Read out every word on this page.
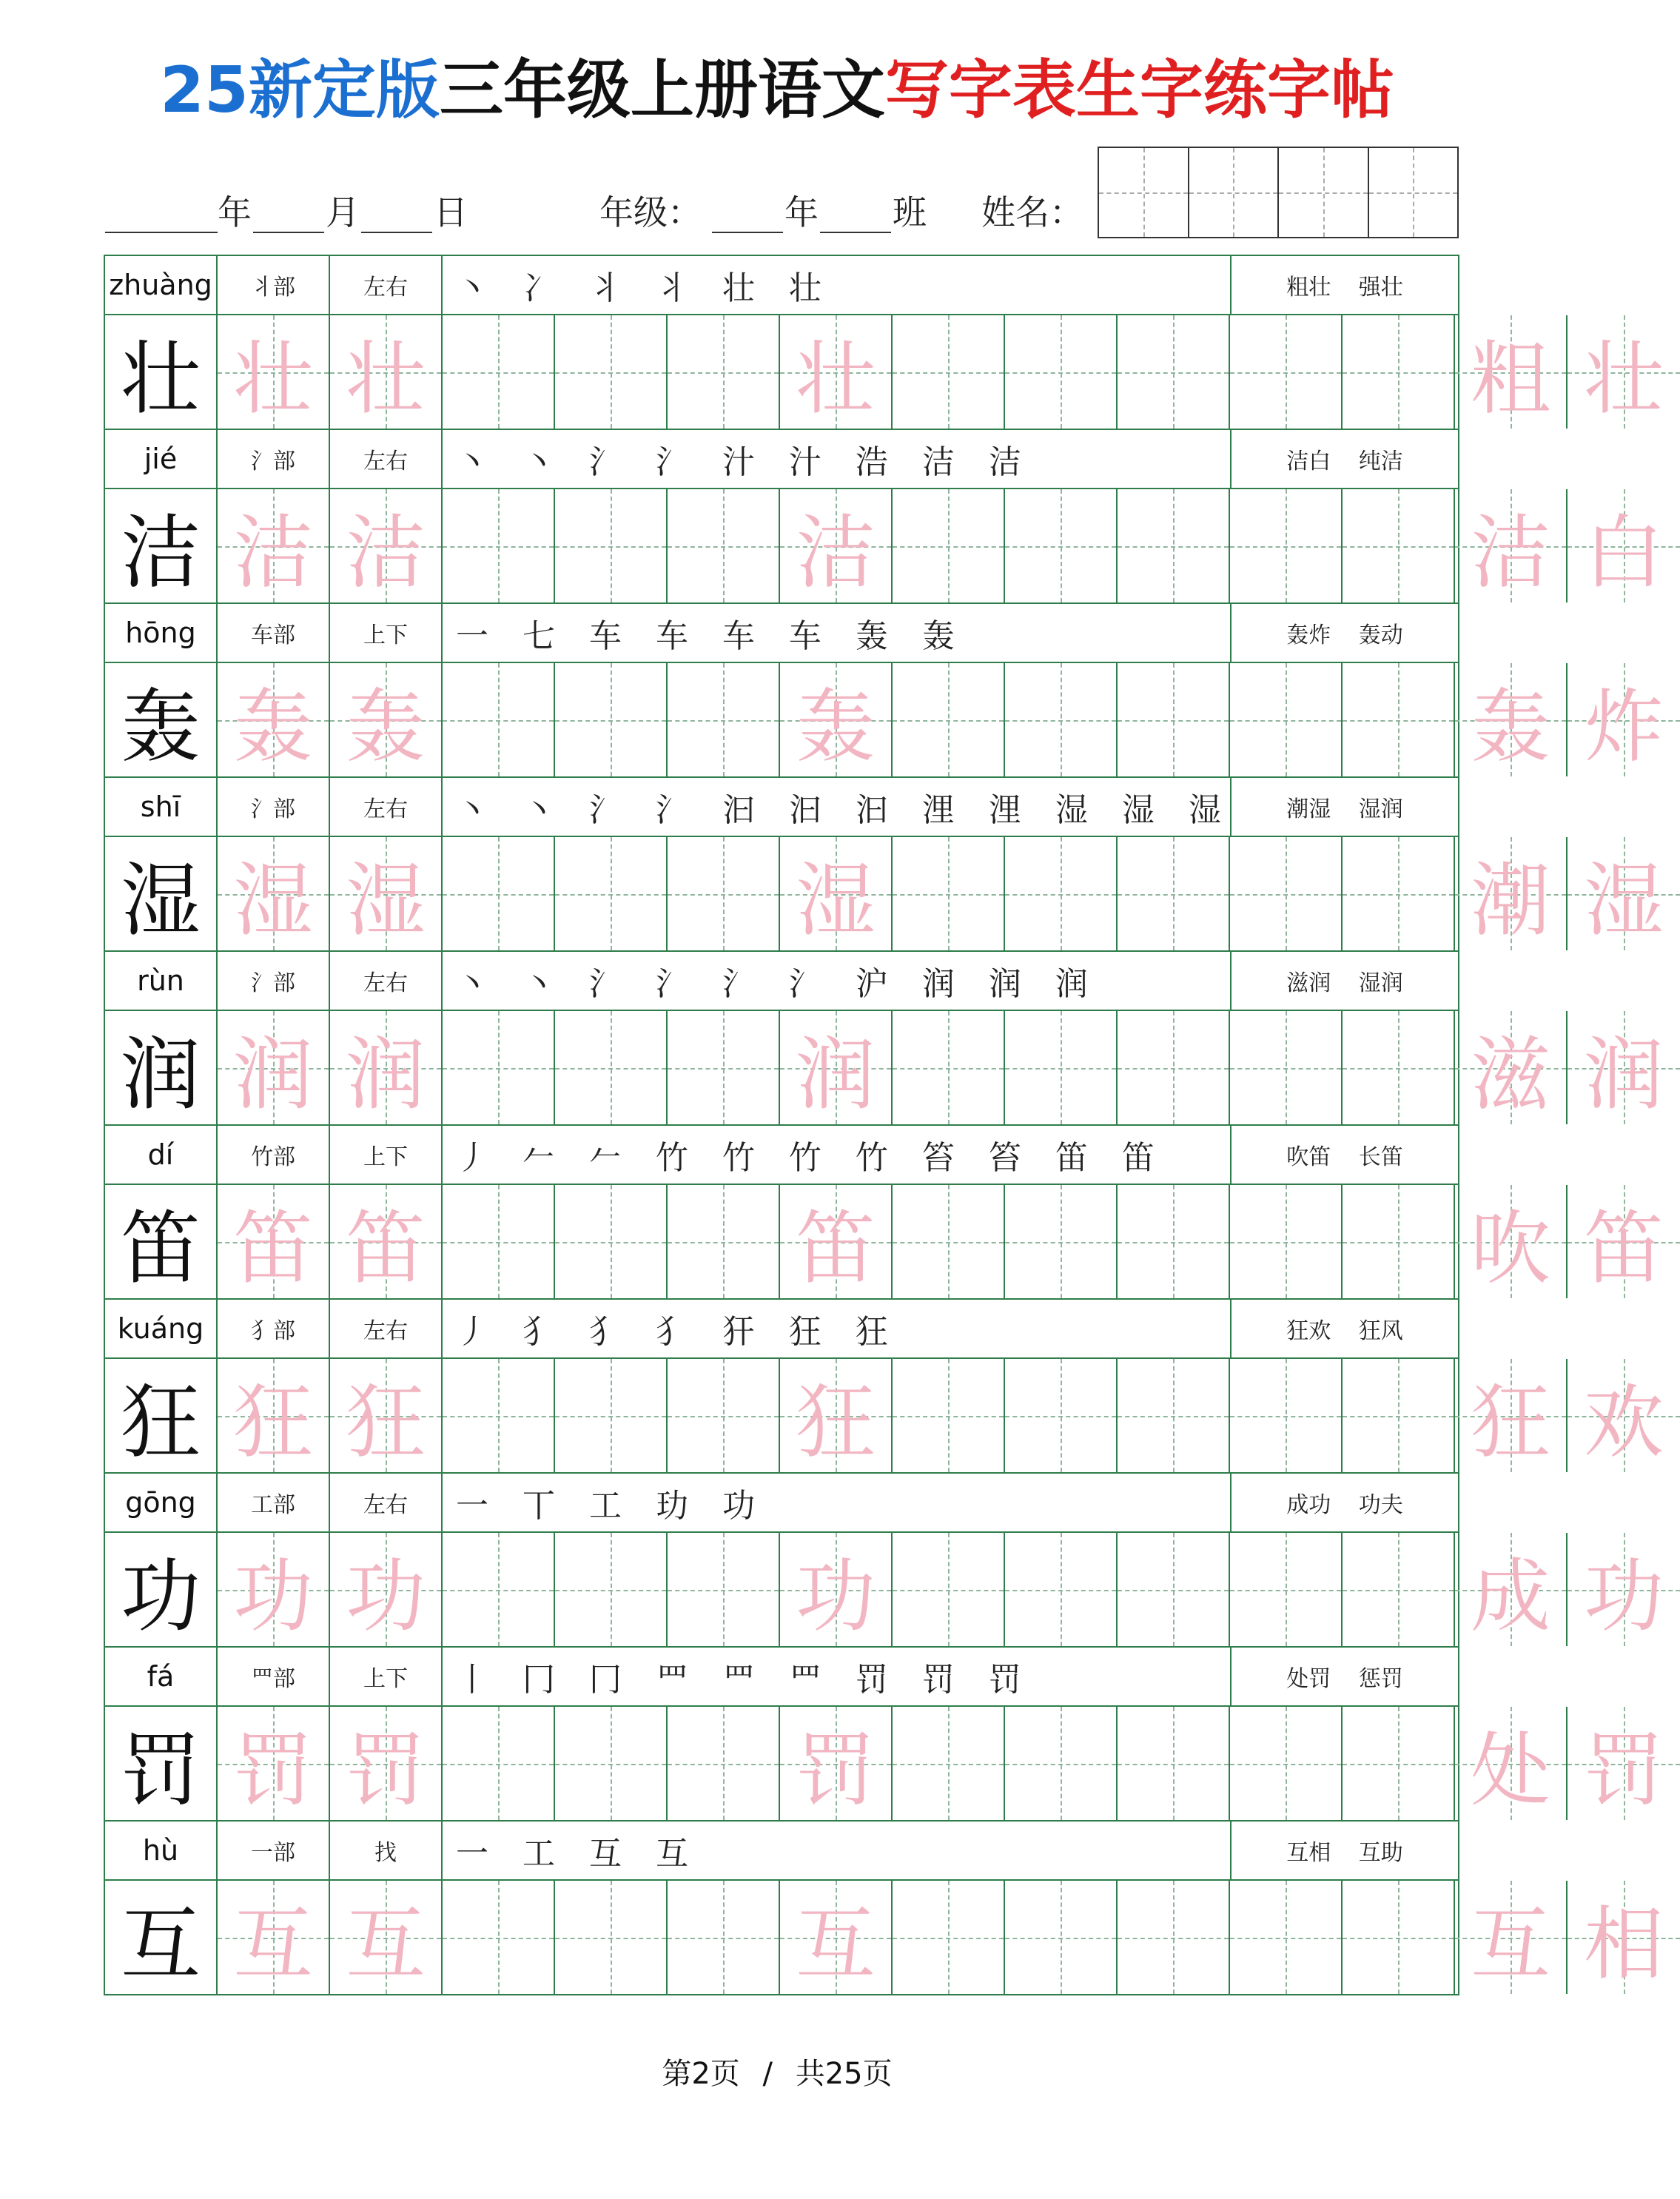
25新定版三年级上册语文写字表生字练字帖
年 月 日	年级： 年 班 姓名：
zhuàng	丬部	左右	丶 冫 丬 丬 壮 壮	粗壮 强壮
壮 壮 壮	壮	粗 壮
jié	氵部	左右	丶 丶 氵 氵 汁 汁 浩 洁 洁	洁白 纯洁
洁 洁 洁	洁	洁 白
hōng	车部	上下	一 七 车 车 车 车 轰 轰	轰炸 轰动
轰 轰 轰	轰	轰 炸
shī	氵部	左右	丶 丶 氵 氵 汩 汩 汩 浬 浬 湿 湿 湿	潮湿 湿润
湿 湿 湿	湿	潮 湿
rùn	氵部	左右	丶 丶 氵 氵 氵 氵 沪 润 润 润	滋润 湿润
润 润 润	润	滋 润
dí	竹部	上下	丿 𠂉 𠂉 竹 竹 竹 竹 笞 笞 笛 笛	吹笛 长笛
笛 笛 笛	笛	吹 笛
kuáng	犭部	左右	丿 犭 犭 犭 犴 狂 狂	狂欢 狂风
狂 狂 狂	狂	狂 欢
gōng	工部	左右	一 丅 工 玏 功	成功 功夫
功 功 功	功	成 功
fá	罒部	上下	丨 冂 冂 罒 罒 罒 罚 罚 罚	处罚 惩罚
罚 罚 罚	罚	处 罚
hù	一部	找	一 工 互 互	互相 互助
互 互 互	互	互 相
第2页 / 共25页
